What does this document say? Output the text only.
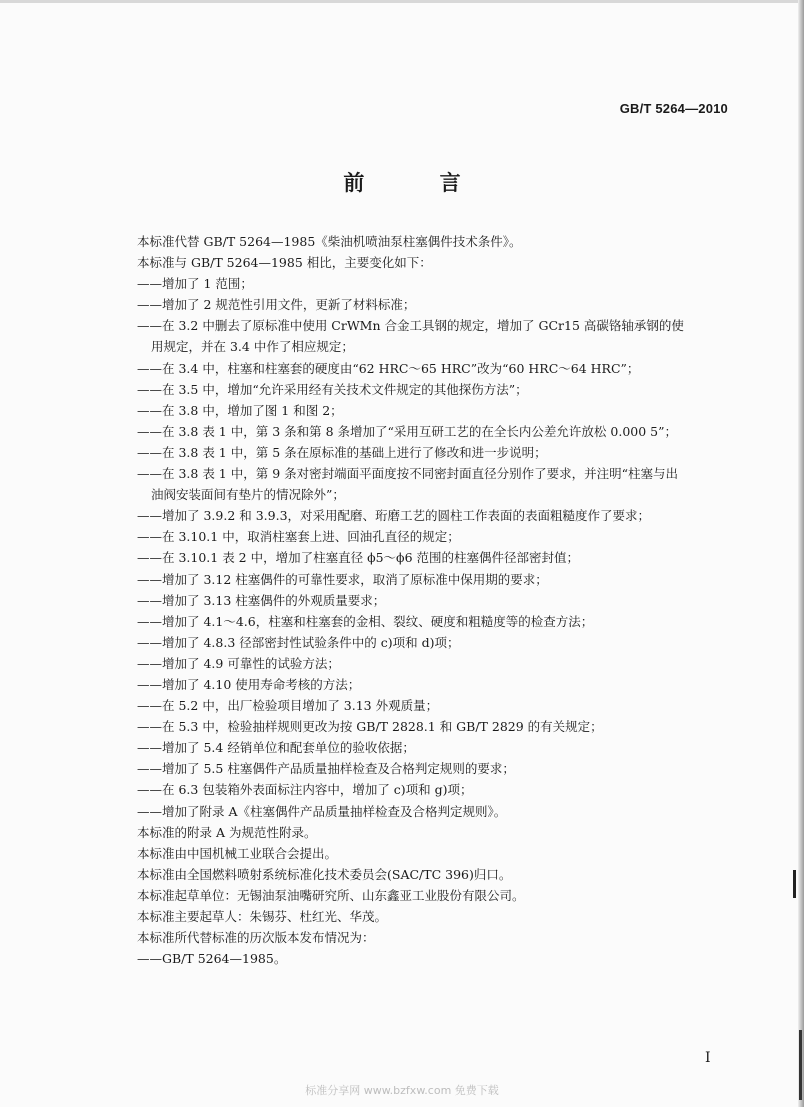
GB/T 5264—2010
前 言
本标准代替 GB/T 5264—1985《柴油机喷油泵柱塞偶件技术条件》。
本标准与 GB/T 5264—1985 相比，主要变化如下：
——增加了 1 范围；
——增加了 2 规范性引用文件，更新了材料标准；
——在 3.2 中删去了原标准中使用 CrWMn 合金工具钢的规定，增加了 GCr15 高碳铬轴承钢的使
用规定，并在 3.4 中作了相应规定；
——在 3.4 中，柱塞和柱塞套的硬度由“62 HRC～65 HRC”改为“60 HRC～64 HRC”；
——在 3.5 中，增加“允许采用经有关技术文件规定的其他探伤方法”；
——在 3.8 中，增加了图 1 和图 2；
——在 3.8 表 1 中，第 3 条和第 8 条增加了“采用互研工艺的在全长内公差允许放松 0.000 5”；
——在 3.8 表 1 中，第 5 条在原标准的基础上进行了修改和进一步说明；
——在 3.8 表 1 中，第 9 条对密封端面平面度按不同密封面直径分别作了要求，并注明“柱塞与出
油阀安装面间有垫片的情况除外”；
——增加了 3.9.2 和 3.9.3，对采用配磨、珩磨工艺的圆柱工作表面的表面粗糙度作了要求；
——在 3.10.1 中，取消柱塞套上进、回油孔直径的规定；
——在 3.10.1 表 2 中，增加了柱塞直径 ϕ5～ϕ6 范围的柱塞偶件径部密封值；
——增加了 3.12 柱塞偶件的可靠性要求，取消了原标准中保用期的要求；
——增加了 3.13 柱塞偶件的外观质量要求；
——增加了 4.1～4.6，柱塞和柱塞套的金相、裂纹、硬度和粗糙度等的检查方法；
——增加了 4.8.3 径部密封性试验条件中的 c)项和 d)项；
——增加了 4.9 可靠性的试验方法；
——增加了 4.10 使用寿命考核的方法；
——在 5.2 中，出厂检验项目增加了 3.13 外观质量；
——在 5.3 中，检验抽样规则更改为按 GB/T 2828.1 和 GB/T 2829 的有关规定；
——增加了 5.4 经销单位和配套单位的验收依据；
——增加了 5.5 柱塞偶件产品质量抽样检查及合格判定规则的要求；
——在 6.3 包装箱外表面标注内容中，增加了 c)项和 g)项；
——增加了附录 A《柱塞偶件产品质量抽样检查及合格判定规则》。
本标准的附录 A 为规范性附录。
本标准由中国机械工业联合会提出。
本标准由全国燃料喷射系统标准化技术委员会(SAC/TC 396)归口。
本标准起草单位：无锡油泵油嘴研究所、山东鑫亚工业股份有限公司。
本标准主要起草人：朱锡芬、杜红光、华茂。
本标准所代替标准的历次版本发布情况为：
——GB/T 5264—1985。
I
标准分享网 www.bzfxw.com 免费下载
